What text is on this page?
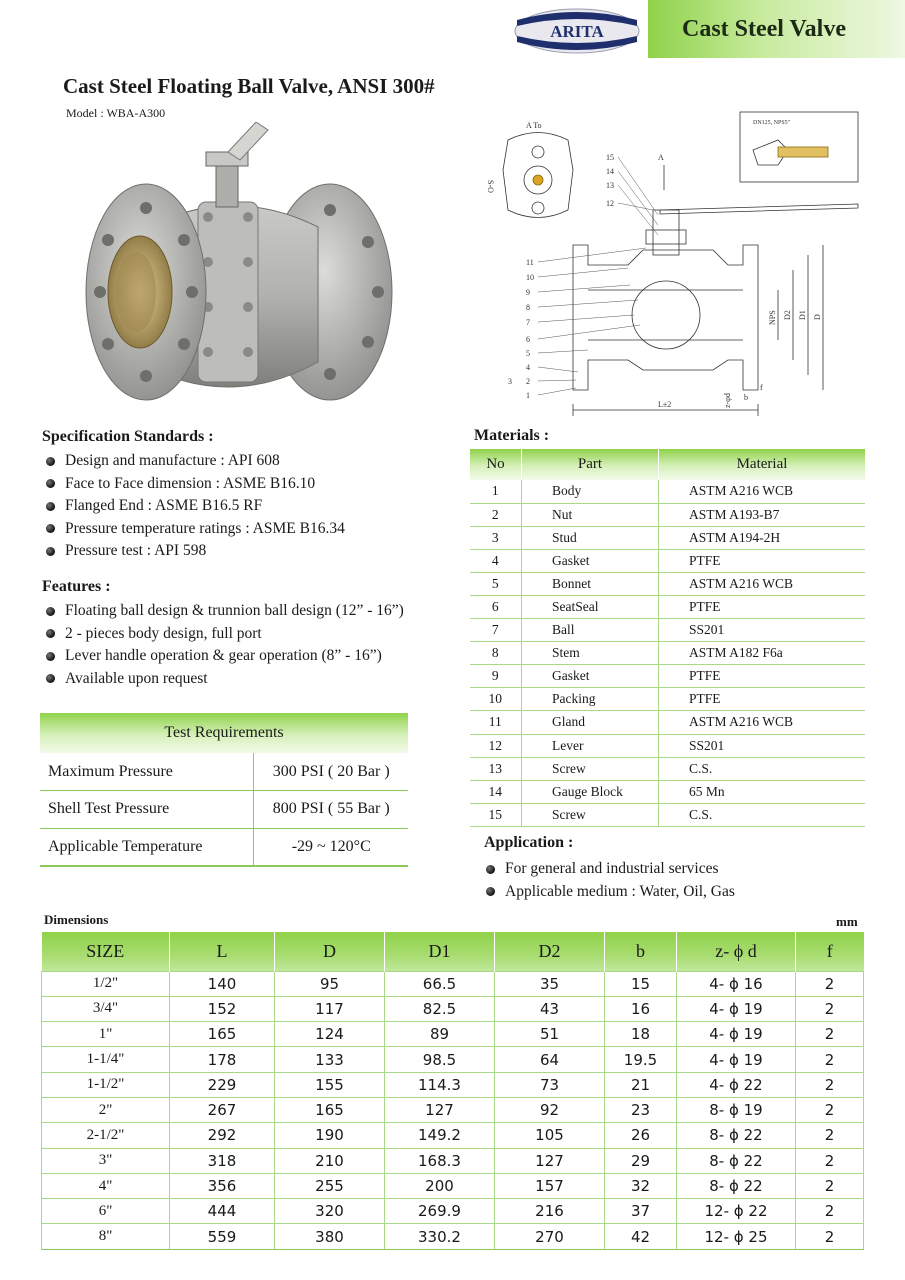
ARITA	Cast Steel Valve
Cast Steel Floating Ball Valve, ANSI 300#
Model : WBA-A300
A To
S-O
DN125, NPS5"
A
15
14
13
12
11
10
9
8
7
6
5
4
3 2
1
L±2
NPS D2 D1 D
z-φd b
f
Specification Standards :
Design and manufacture : API 608
Face to Face dimension : ASME B16.10
Flanged End : ASME B16.5 RF
Pressure temperature ratings : ASME B16.34
Pressure test : API 598
Features :
Floating ball design & trunnion ball design (12” - 16”)
2 - pieces body design, full port
Lever handle operation & gear operation (8” - 16”)
Available upon request
Test Requirements	
Maximum Pressure	300 PSI ( 20 Bar )
Shell Test Pressure	800 PSI ( 55 Bar )
Applicable Temperature	-29 ~ 120°C
Materials :
No	Part	Material
1	Body	ASTM A216 WCB
2	Nut	ASTM A193-B7
3	Stud	ASTM A194-2H
4	Gasket	PTFE
5	Bonnet	ASTM A216 WCB
6	SeatSeal	PTFE
7	Ball	SS201
8	Stem	ASTM A182 F6a
9	Gasket	PTFE
10	Packing	PTFE
11	Gland	ASTM A216 WCB
12	Lever	SS201
13	Screw	C.S.
14	Gauge Block	65 Mn
15	Screw	C.S.
Application :
For general and industrial services
Applicable medium : Water, Oil, Gas
Dimensions	mm
SIZE	L	D	D1	D2	b	z- ϕ d	f
1/2"	140	95	66.5	35	15	4- ϕ 16	2
3/4"	152	117	82.5	43	16	4- ϕ 19	2
1"	165	124	89	51	18	4- ϕ 19	2
1-1/4"	178	133	98.5	64	19.5	4- ϕ 19	2
1-1/2"	229	155	114.3	73	21	4- ϕ 22	2
2"	267	165	127	92	23	8- ϕ 19	2
2-1/2"	292	190	149.2	105	26	8- ϕ 22	2
3"	318	210	168.3	127	29	8- ϕ 22	2
4"	356	255	200	157	32	8- ϕ 22	2
6"	444	320	269.9	216	37	12- ϕ 22	2
8"	559	380	330.2	270	42	12- ϕ 25	2
